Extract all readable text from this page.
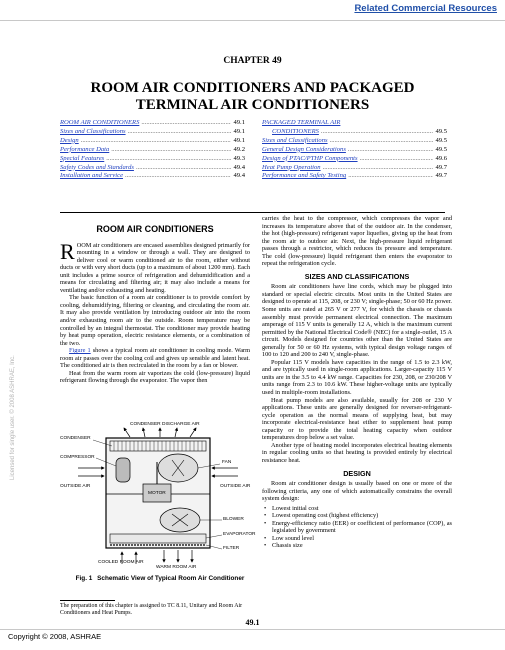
Related Commercial Resources
CHAPTER 49
ROOM AIR CONDITIONERS AND PACKAGED
TERMINAL AIR CONDITIONERS
ROOM AIR CONDITIONERS .....	49.1
Sizes and Classifications .....	49.1
Design .....	49.1
Performance Data .....	49.2
Special Features .....	49.3
Safety Codes and Standards .....	49.4
Installation and Service .....	49.4
PACKAGED TERMINAL AIR
CONDITIONERS .....	49.5
Sizes and Classifications .....	49.5
General Design Considerations .....	49.5
Design of PTAC/PTHP Components .....	49.6
Heat Pump Operation .....	49.7
Performance and Safety Testing .....	49.7
Licensed for single user. © 2008 ASHRAE, Inc.
ROOM AIR CONDITIONERS

ROOM air conditioners are encased assemblies designed primarily for mounting in a window or through a wall. They are designed to deliver cool or warm conditioned air to the room, either without ducts or with very short ducts (up to a maximum of about 1200 mm). Each unit includes a prime source of refrigeration and dehumidification and a means for circulating and filtering air; it may also include a means for ventilating and/or exhausting and heating.

The basic function of a room air conditioner is to provide comfort by cooling, dehumidifying, filtering or cleaning, and circulating the room air. It may also provide ventilation by introducing outdoor air into the room and/or exhausting room air to the outside. Room temperature may be controlled by an integral thermostat. The conditioner may provide heating by heat pump operation, electric resistance elements, or a combination of the two.

Figure 1 shows a typical room air conditioner in cooling mode. Warm room air passes over the cooling coil and gives up sensible and latent heat. The conditioned air is then recirculated in the room by a fan or blower.

Heat from the warm room air vaporizes the cold (low-pressure) liquid refrigerant flowing through the evaporator. The vapor then

CONDENSER DISCHARGE AIR
CONDENSER
COMPRESSOR
FAN
OUTSIDE AIR	OUTSIDE AIR
MOTOR
BLOWER
EVAPORATOR
FILTER
COOLED ROOM AIR
WARM ROOM AIR
Fig. 1 Schematic View of Typical Room Air Conditioner
The preparation of this chapter is assigned to TC 8.11, Unitary and Room Air Conditioners and Heat Pumps.

carries the heat to the compressor, which compresses the vapor and increases its temperature above that of the outdoor air. In the condenser, the hot (high-pressure) refrigerant vapor liquefies, giving up the heat from the room air to outdoor air. Next, the high-pressure liquid refrigerant passes through a restrictor, which reduces its pressure and temperature. The cold (low-pressure) liquid refrigerant then enters the evaporator to repeat the refrigeration cycle.

SIZES AND CLASSIFICATIONS

Room air conditioners have line cords, which may be plugged into standard or special electric circuits. Most units in the United States are designed to operate at 115, 208, or 230 V; single-phase; 50 or 60 Hz power. Some units are rated at 265 V or 277 V, for which the chassis or chassis assembly must provide permanent electrical connection. The maximum amperage of 115 V units is generally 12 A, which is the maximum current permitted by the National Electrical Code® (NEC) for a single-outlet, 15 A circuit. Models designed for countries other than the United States are generally for 50 or 60 Hz systems, with typical design voltage ranges of 100 to 120 and 200 to 240 V, single-phase.

Popular 115 V models have capacities in the range of 1.5 to 2.3 kW, and are typically used in single-room applications. Larger-capacity 115 V units are in the 3.5 to 4.4 kW range. Capacities for 230, 208, or 230/208 V units range from 2.3 to 10.6 kW. These higher-voltage units are typically used in multiple-room installations.

Heat pump models are also available, usually for 208 or 230 V applications. These units are generally designed for reverser-refrigerant-cycle operation as the normal means of supplying heat, but may incorporate electrical-resistance heat either to supplement heat pump capacity or to provide the total heating capacity when outdoor temperatures drop below a set value.

Another type of heating model incorporates electrical heating elements in regular cooling units so that heating is provided entirely by electrical resistance heat.

DESIGN

Room air conditioner design is usually based on one or more of the following criteria, any one of which automatically constrains the overall system design:

• Lowest initial cost
• Lowest operating cost (highest efficiency)
• Energy-efficiency ratio (EER) or coefficient of performance (COP), as legislated by government
• Low sound level
• Chassis size
49.1
Copyright © 2008, ASHRAE
